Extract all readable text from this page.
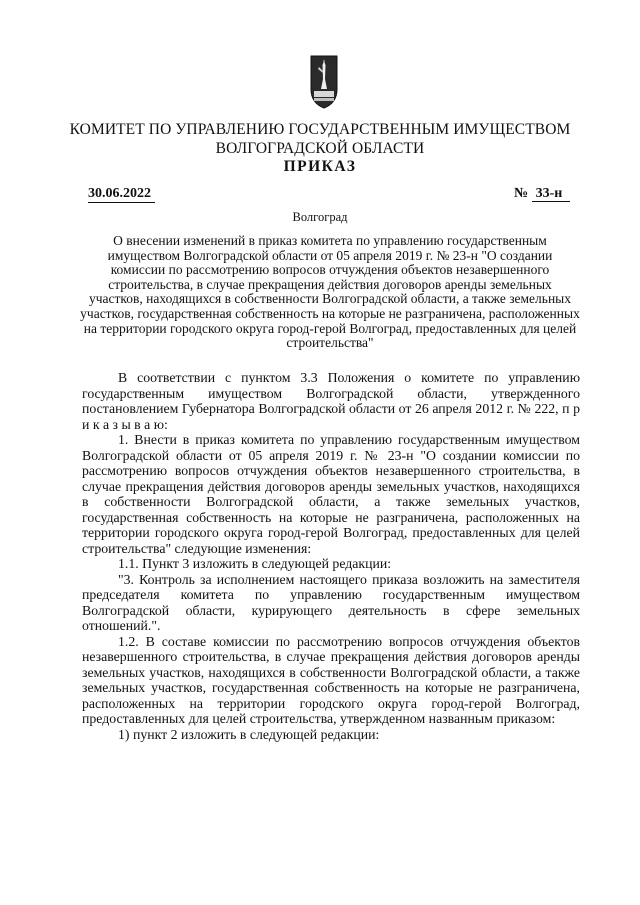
КОМИТЕТ ПО УПРАВЛЕНИЮ ГОСУДАРСТВЕННЫМ ИМУЩЕСТВОМ
ВОЛГОГРАДСКОЙ ОБЛАСТИ
ПРИКАЗ
30.06.2022	№ 33-н
Волгоград
О внесении изменений в приказ комитета по управлению государственным имуществом Волгоградской области от 05 апреля 2019 г. № 23-н "О создании комиссии по рассмотрению вопросов отчуждения объектов незавершенного строительства, в случае прекращения действия договоров аренды земельных участков, находящихся в собственности Волгоградской области, а также земельных участков, государственная собственность на которые не разграничена, расположенных на территории городского округа город-герой Волгоград, предоставленных для целей строительства"

В соответствии с пунктом 3.3 Положения о комитете по управлению государственным имуществом Волгоградской области, утвержденного постановлением Губернатора Волгоградской области от 26 апреля 2012 г. № 222, п р и к а з ы в а ю:

1. Внести в приказ комитета по управлению государственным имуществом Волгоградской области от 05 апреля 2019 г. № 23-н "О создании комиссии по рассмотрению вопросов отчуждения объектов незавершенного строительства, в случае прекращения действия договоров аренды земельных участков, находящихся в собственности Волгоградской области, а также земельных участков, государственная собственность на которые не разграничена, расположенных на территории городского округа город-герой Волгоград, предоставленных для целей строительства" следующие изменения:

1.1. Пункт 3 изложить в следующей редакции:

"3. Контроль за исполнением настоящего приказа возложить на заместителя председателя комитета по управлению государственным имуществом Волгоградской области, курирующего деятельность в сфере земельных отношений.".

1.2. В составе комиссии по рассмотрению вопросов отчуждения объектов незавершенного строительства, в случае прекращения действия договоров аренды земельных участков, находящихся в собственности Волгоградской области, а также земельных участков, государственная собственность на которые не разграничена, расположенных на территории городского округа город-герой Волгоград, предоставленных для целей строительства, утвержденном названным приказом:

1) пункт 2 изложить в следующей редакции:
